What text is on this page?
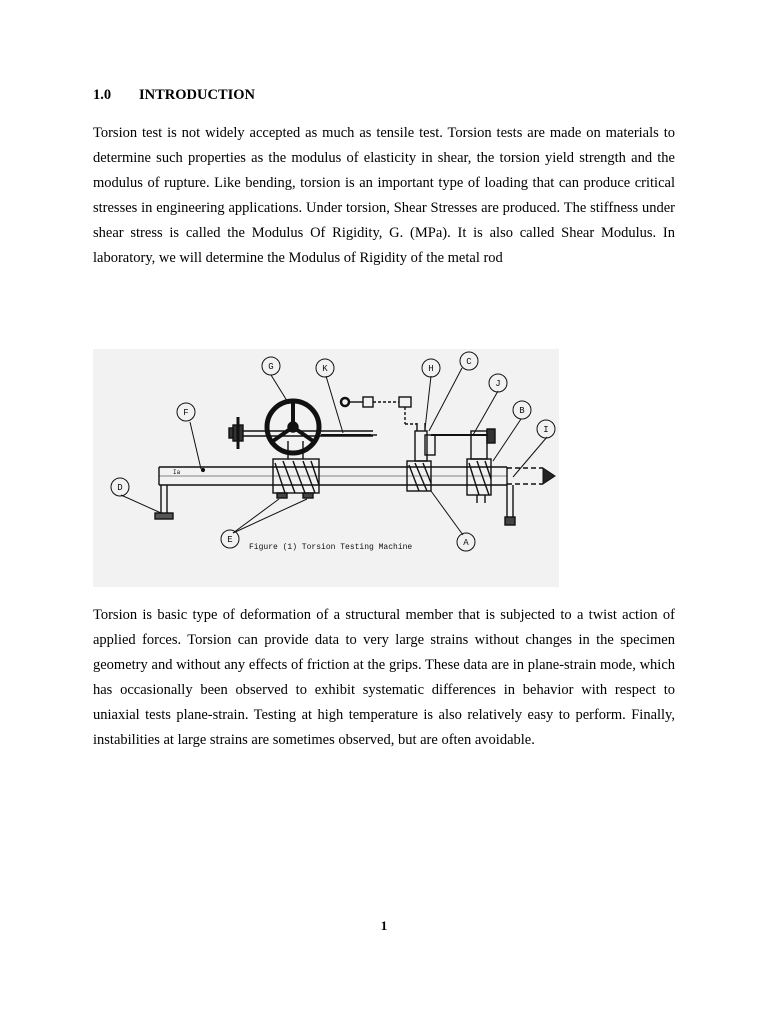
1.0 INTRODUCTION

Torsion test is not widely accepted as much as tensile test. Torsion tests are made on materials to determine such properties as the modulus of elasticity in shear, the torsion yield strength and the modulus of rupture. Like bending, torsion is an important type of loading that can produce critical stresses in engineering applications. Under torsion, Shear Stresses are produced. The stiffness under shear stress is called the Modulus Of Rigidity, G. (MPa). It is also called Shear Modulus. In laboratory, we will determine the Modulus of Rigidity of the metal rod

Ia
D
F
E
G	K	H
C
J
B
I
A
Figure (1) Torsion Testing Machine

Torsion is basic type of deformation of a structural member that is subjected to a twist action of applied forces. Torsion can provide data to very large strains without changes in the specimen geometry and without any effects of friction at the grips. These data are in plane-strain mode, which has occasionally been observed to exhibit systematic differences in behavior with respect to uniaxial tests plane-strain. Testing at high temperature is also relatively easy to perform. Finally, instabilities at large strains are sometimes observed, but are often avoidable.

1
